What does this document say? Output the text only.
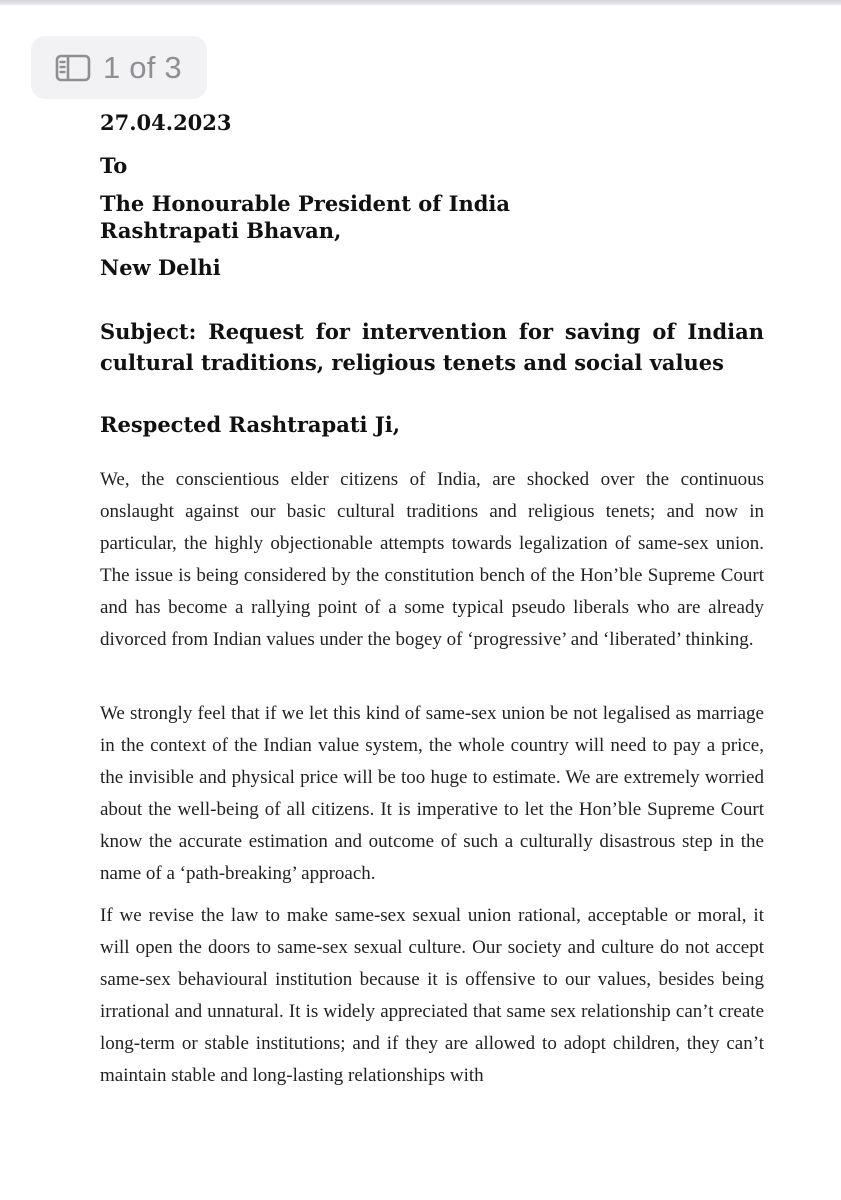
1 of 3
27.04.2023
To
The Honourable President of India
Rashtrapati Bhavan,
New Delhi
Subject: Request for intervention for saving of Indian cultural traditions, religious tenets and social values
Respected Rashtrapati Ji,
We, the conscientious elder citizens of India, are shocked over the continuous onslaught against our basic cultural traditions and religious tenets; and now in particular, the highly objectionable attempts towards legalization of same-sex union. The issue is being considered by the constitution bench of the Hon’ble Supreme Court and has become a rallying point of a some typical pseudo liberals who are already divorced from Indian values under the bogey of ‘progressive’ and ‘liberated’ thinking.
We strongly feel that if we let this kind of same-sex union be not legalised as marriage in the context of the Indian value system, the whole country will need to pay a price, the invisible and physical price will be too huge to estimate. We are extremely worried about the well-being of all citizens. It is imperative to let the Hon’ble Supreme Court know the accurate estimation and outcome of such a culturally disastrous step in the name of a ‘path-breaking’ approach.
If we revise the law to make same-sex sexual union rational, acceptable or moral, it will open the doors to same-sex sexual culture. Our society and culture do not accept same-sex behavioural institution because it is offensive to our values, besides being irrational and unnatural. It is widely appreciated that same sex relationship can’t create long-term or stable institutions; and if they are allowed to adopt children, they can’t maintain stable and long-lasting relationships with
